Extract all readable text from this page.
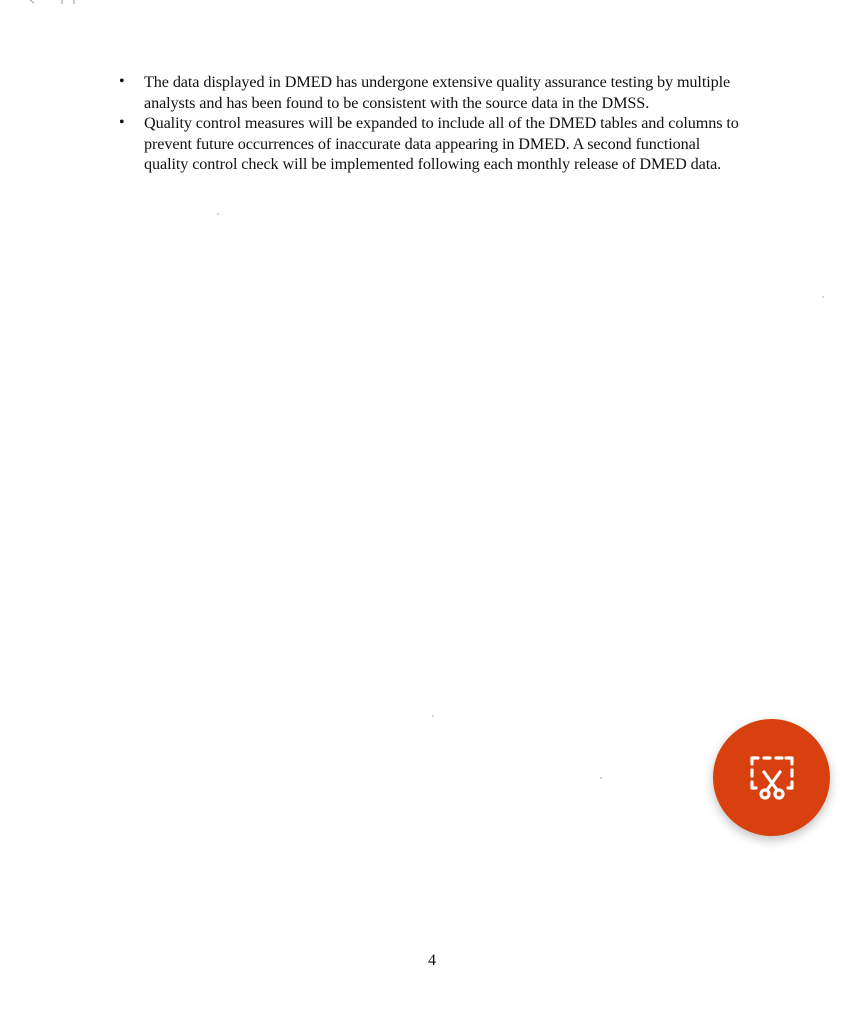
• The data displayed in DMED has undergone extensive quality assurance testing by multiple
analysts and has been found to be consistent with the source data in the DMSS.
• Quality control measures will be expanded to include all of the DMED tables and columns to
prevent future occurrences of inaccurate data appearing in DMED. A second functional
quality control check will be implemented following each monthly release of DMED data.
4
